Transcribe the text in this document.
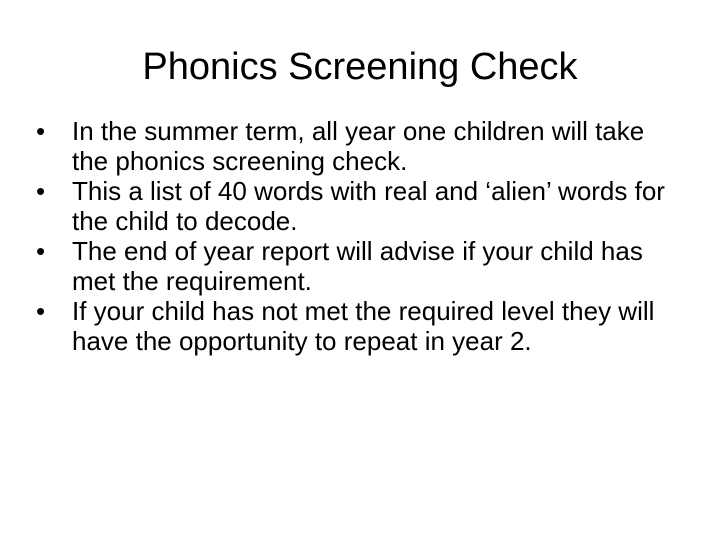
Phonics Screening Check
•	In the summer term, all year one children will take the phonics screening check.
•	This a list of 40 words with real and ‘alien’ words for the child to decode.
•	The end of year report will advise if your child has met the requirement.
•	If your child has not met the required level they will have the opportunity to repeat in year 2.
